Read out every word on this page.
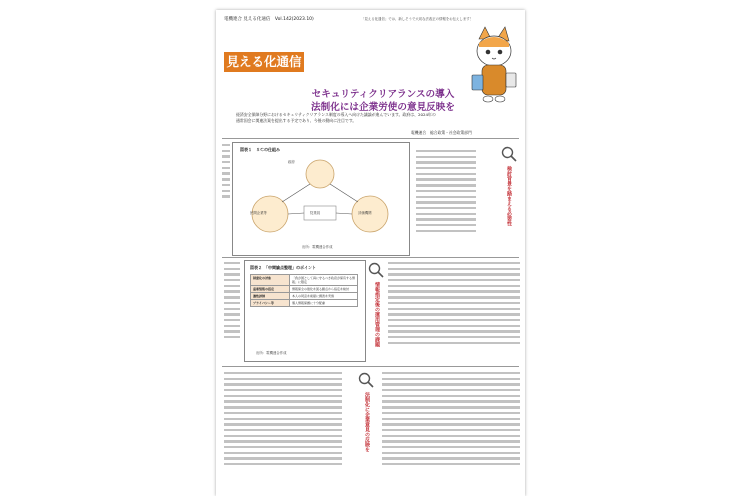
電機連合 見える化通信　Vol.142(2023.10)	「見える化通信」では、新しそうで大切な法改正の情報をお伝えします！
見える化通信
セキュリティクリアランスの導入
法制化には企業労使の意見反映を
経済安全保障分野におけるセキュリティクリアランス制度の導入へ向けた議論が進んでいます。政府は、2024年の通常国会に関連法案を提出する予定であり、今後の動向に注目です。
電機連合　総合政策・社会政策部門
図表１　ＳＣの仕組み
政府
民間企業等	評価機関
従業員
出所：電機連合作成
検討背景を踏まえる必要性
図表２　「中間論点整理」のポイント
制度化の対象	「我が国として真に守るべき政府が保有する情報」に限定
重要情報の指定	情報保全の強化を図る観点から指定を検討
適性評価	本人の同意を前提に調査を実施
プライバシー等	個人情報保護に十分配慮
出所：電機連合作成
情報指定後の運用管理の課題
法制化に企業意見の反映を
